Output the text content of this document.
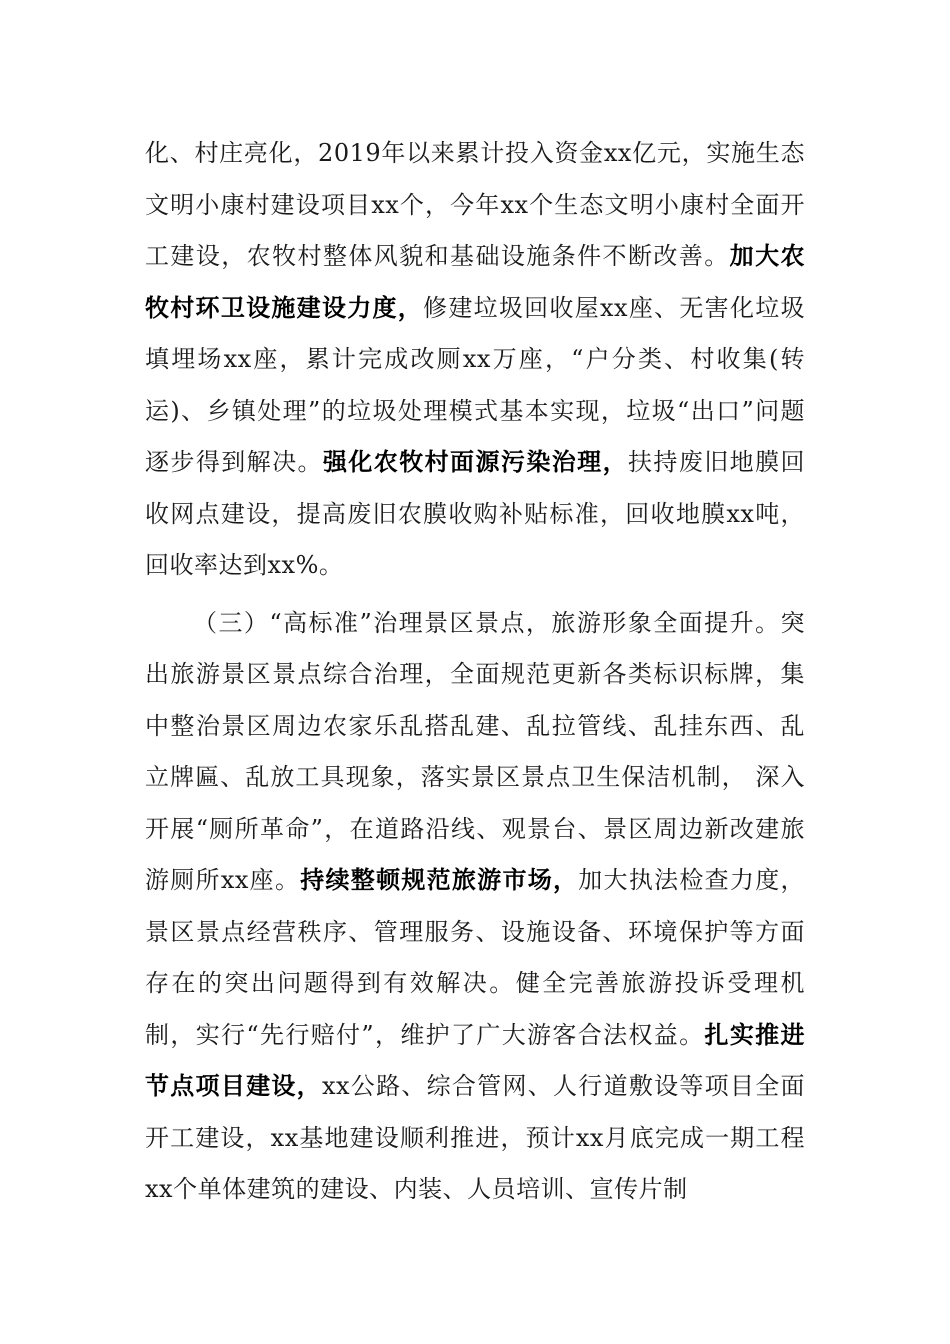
化、村庄亮化，2019年以来累计投入资金xx亿元，实施生态文明小康村建设项目xx个，今年xx个生态文明小康村全面开工建设，农牧村整体风貌和基础设施条件不断改善。加大农牧村环卫设施建设力度，修建垃圾回收屋xx座、无害化垃圾填埋场xx座，累计完成改厕xx万座，“户分类、村收集(转运)、乡镇处理”的垃圾处理模式基本实现，垃圾“出口”问题逐步得到解决。强化农牧村面源污染治理，扶持废旧地膜回收网点建设，提高废旧农膜收购补贴标准，回收地膜xx吨，回收率达到xx%。

（三）“高标准”治理景区景点，旅游形象全面提升。突出旅游景区景点综合治理，全面规范更新各类标识标牌，集中整治景区周边农家乐乱搭乱建、乱拉管线、乱挂东西、乱立牌匾、乱放工具现象，落实景区景点卫生保洁机制， 深入开展“厕所革命”，在道路沿线、观景台、景区周边新改建旅游厕所xx座。持续整顿规范旅游市场，加大执法检查力度，景区景点经营秩序、管理服务、设施设备、环境保护等方面存在的突出问题得到有效解决。健全完善旅游投诉受理机制，实行“先行赔付”，维护了广大游客合法权益。扎实推进节点项目建设，xx公路、综合管网、人行道敷设等项目全面开工建设，xx基地建设顺利推进，预计xx月底完成一期工程xx个单体建筑的建设、内装、人员培训、宣传片制
